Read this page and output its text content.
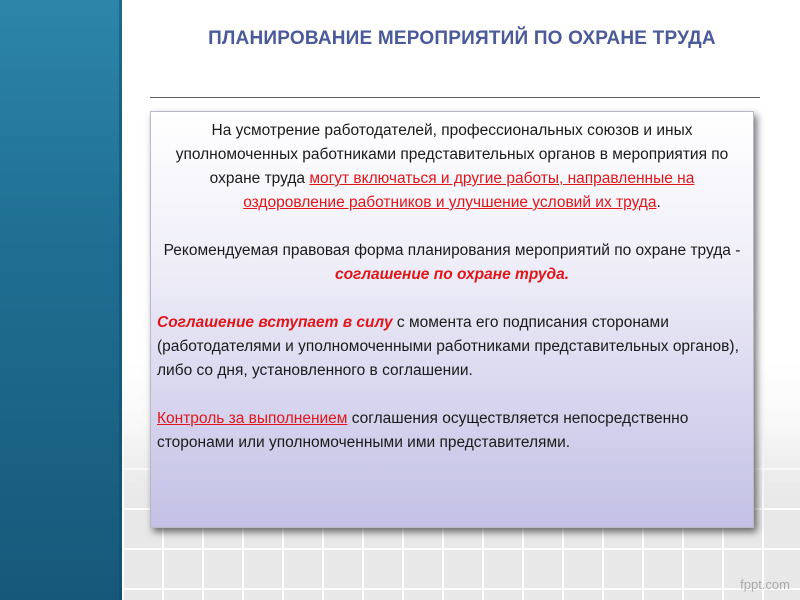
ПЛАНИРОВАНИЕ МЕРОПРИЯТИЙ ПО ОХРАНЕ ТРУДА

На усмотрение работодателей, профессиональных союзов и иных уполномоченных работниками представительных органов в мероприятия по охране труда могут включаться и другие работы, направленные на оздоровление работников и улучшение условий их труда.

Рекомендуемая правовая форма планирования мероприятий по охране труда - соглашение по охране труда.

Соглашение вступает в силу с момента его подписания сторонами (работодателями и уполномоченными работниками представительных органов), либо со дня, установленного в соглашении.

Контроль за выполнением соглашения осуществляется непосредственно сторонами или уполномоченными ими представителями.

fppt.com
